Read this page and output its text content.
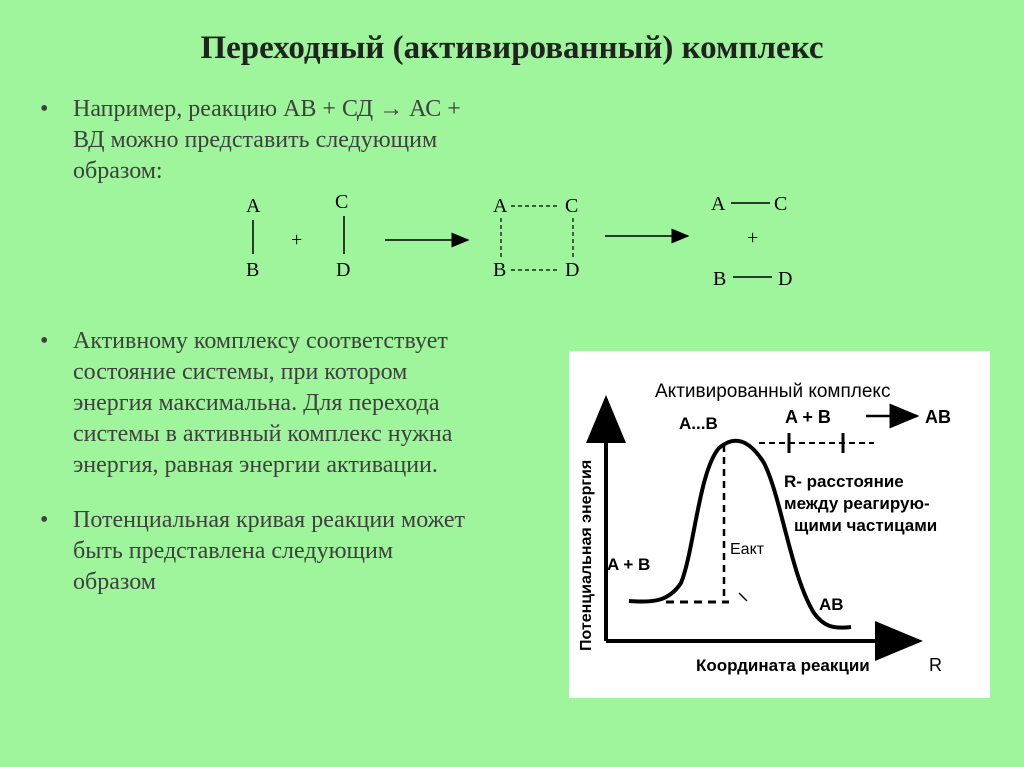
Переходный (активированный) комплекс
• Например, реакцию АВ + СД → АС +
ВД можно представить следующим
образом:
A
B
+
C
D
A	C
B	D
A C
+
B	D
• Активному комплексу соответствует
состояние системы, при котором
энергия максимальна. Для перехода
системы в активный комплекс нужна
энергия, равная энергии активации.
• Потенциальная кривая реакции может
быть представлена следующим
образом
Активированный комплекс
A...B
A + B
AB
Eакт
Координата реакции	R
Потенциальная энергия
A + B	AB
R- расстояние
между реагирую-
щими частицами
